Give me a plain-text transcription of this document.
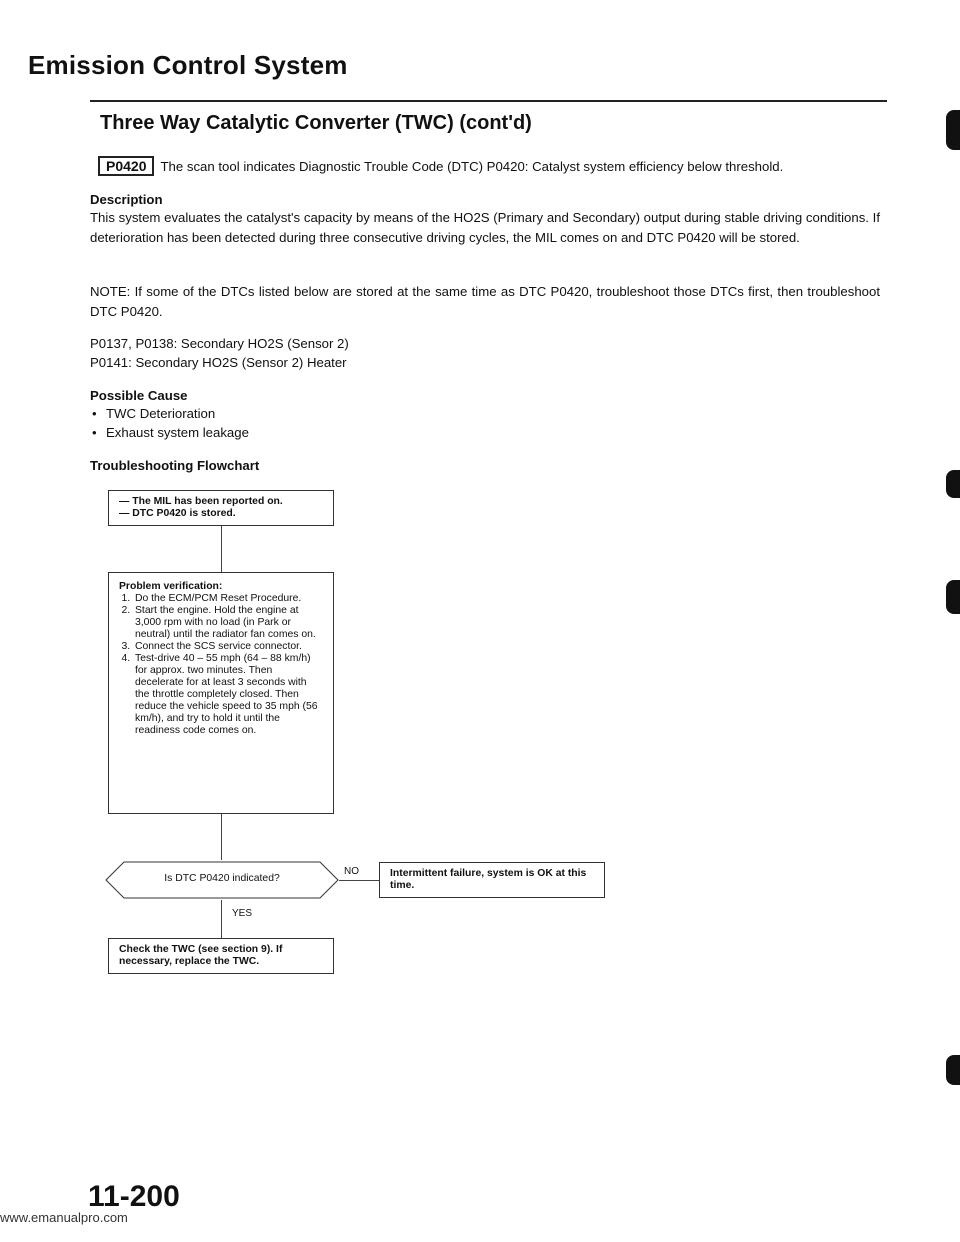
Emission Control System
Three Way Catalytic Converter (TWC) (cont'd)
P0420 The scan tool indicates Diagnostic Trouble Code (DTC) P0420: Catalyst system efficiency below threshold.
Description
This system evaluates the catalyst's capacity by means of the HO2S (Primary and Secondary) output during stable driving conditions. If deterioration has been detected during three consecutive driving cycles, the MIL comes on and DTC P0420 will be stored.
NOTE: If some of the DTCs listed below are stored at the same time as DTC P0420, troubleshoot those DTCs first, then troubleshoot DTC P0420.
P0137, P0138: Secondary HO2S (Sensor 2)
P0141: Secondary HO2S (Sensor 2) Heater
Possible Cause
• TWC Deterioration
• Exhaust system leakage
Troubleshooting Flowchart
— The MIL has been reported on.
— DTC P0420 is stored.
Problem verification:
1. Do the ECM/PCM Reset Procedure.
2. Start the engine. Hold the engine at 3,000 rpm with no load (in Park or neutral) until the radiator fan comes on.
3. Connect the SCS service connector.
4. Test-drive 40 – 55 mph (64 – 88 km/h) for approx. two minutes. Then decelerate for at least 3 seconds with the throttle completely closed. Then reduce the vehicle speed to 35 mph (56 km/h), and try to hold it until the readiness code comes on.
Is DTC P0420 indicated?
NO	Intermittent failure, system is OK at this time.
YES
Check the TWC (see section 9). If necessary, replace the TWC.
11-200
www.emanualpro.com
